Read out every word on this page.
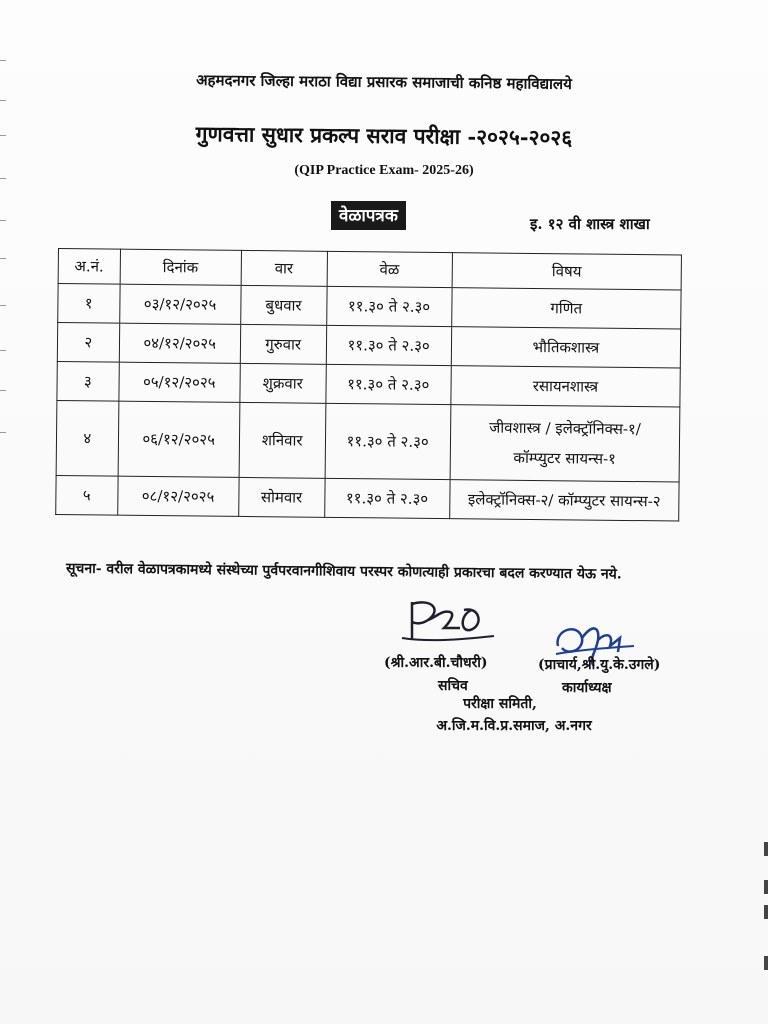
अहमदनगर जिल्हा मराठा विद्या प्रसारक समाजाची कनिष्ठ महाविद्यालये
गुणवत्ता सुधार प्रकल्प सराव परीक्षा -२०२५-२०२६
(QIP Practice Exam- 2025-26)
वेळापत्रक	इ. १२ वी शास्त्र शाखा
अ.नं.	दिनांक	वार	वेळ	विषय
१	०३/१२/२०२५	बुधवार	११.३० ते २.३०	गणित

२	०४/१२/२०२५	गुरुवार	११.३० ते २.३०	भौतिकशास्त्र

३	०५/१२/२०२५	शुक्रवार	११.३० ते २.३०	रसायनशास्त्र

४	०६/१२/२०२५	शनिवार	११.३० ते २.३०	जीवशास्त्र / इलेक्ट्रॉनिक्स-१/
कॉम्प्युटर सायन्स-१

५	०८/१२/२०२५	सोमवार	११.३० ते २.३०	इलेक्ट्रॉनिक्स-२/ कॉम्प्युटर सायन्स-२
सूचना- वरील वेळापत्रकामध्ये संस्थेच्या पुर्वपरवानगीशिवाय परस्पर कोणत्याही प्रकारचा बदल करण्यात येऊ नये.
(श्री.आर.बी.चौधरी)
सचिव
(प्राचार्य,श्री.यु.के.उगले)
कार्याध्यक्ष
परीक्षा समिती,
अ.जि.म.वि.प्र.समाज, अ.नगर
